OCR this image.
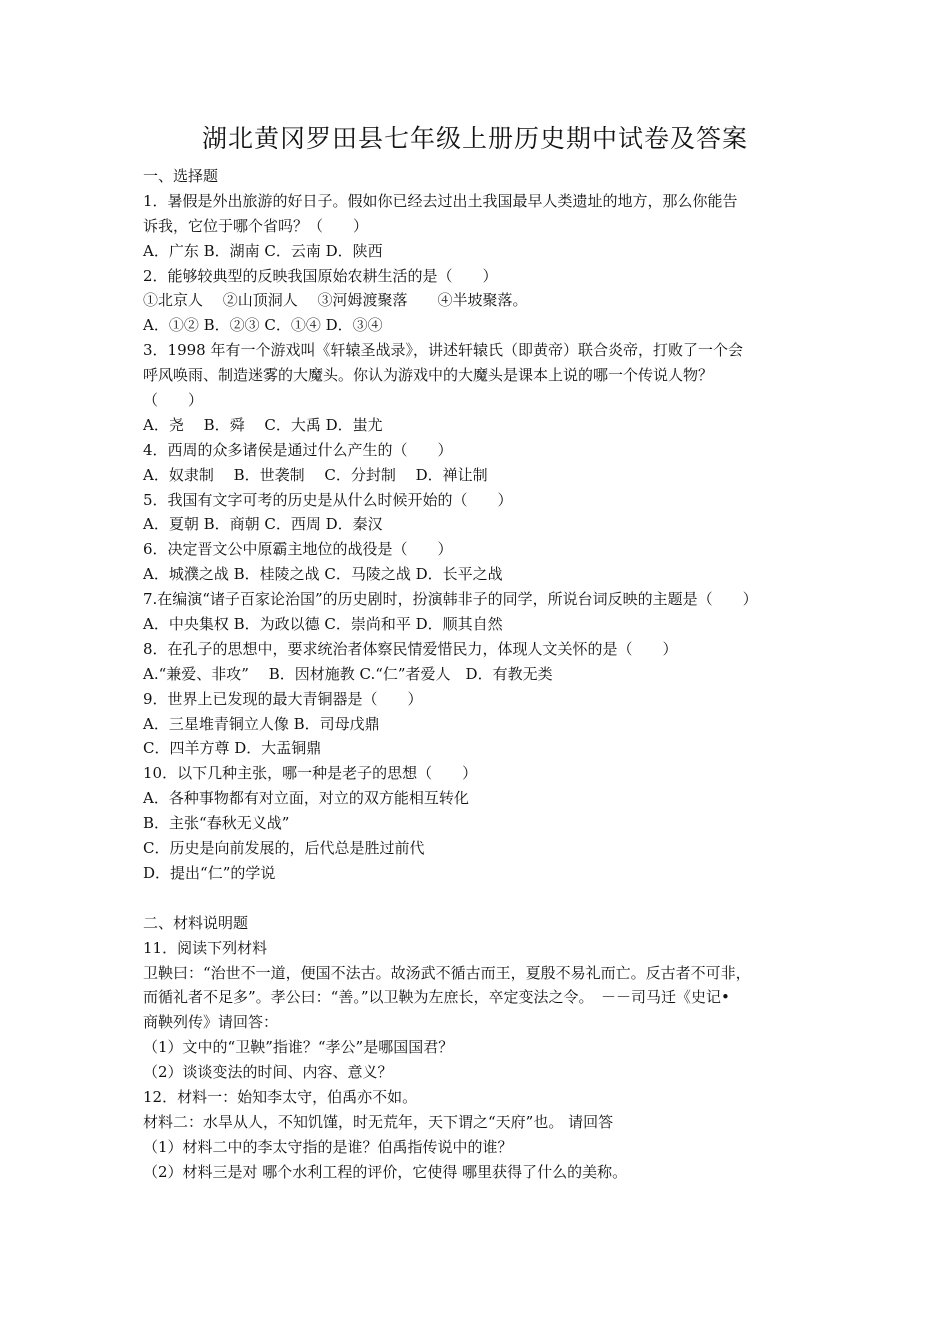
湖北黄冈罗田县七年级上册历史期中试卷及答案
一、选择题
1．暑假是外出旅游的好日子。假如你已经去过出土我国最早人类遗址的地方，那么你能告
诉我，它位于哪个省吗？（　　）
A．广东 B．湖南 C．云南 D．陕西
2．能够较典型的反映我国原始农耕生活的是（　　）
①北京人　 ②山顶洞人　 ③河姆渡聚落　　④半坡聚落。
A．①② B．②③ C．①④ D．③④
3．1998 年有一个游戏叫《轩辕圣战录》，讲述轩辕氏（即黄帝）联合炎帝，打败了一个会
呼风唤雨、制造迷雾的大魔头。你认为游戏中的大魔头是课本上说的哪一个传说人物？
（　　）
A．尧　 B．舜　 C．大禹 D．蚩尤
4．西周的众多诸侯是通过什么产生的（　　）
A．奴隶制　 B．世袭制　 C．分封制　 D．禅让制
5．我国有文字可考的历史是从什么时候开始的（　　）
A．夏朝 B．商朝 C．西周 D．秦汉
6．决定晋文公中原霸主地位的战役是（　　）
A．城濮之战 B．桂陵之战 C．马陵之战 D．长平之战
7.在编演“诸子百家论治国”的历史剧时，扮演韩非子的同学，所说台词反映的主题是（　　）
A．中央集权 B．为政以德 C．崇尚和平 D．顺其自然
8．在孔子的思想中，要求统治者体察民情爱惜民力，体现人文关怀的是（　　）
A.“兼爱、非攻”　 B．因材施教 C.“仁”者爱人　D．有教无类
9．世界上已发现的最大青铜器是（　　）
A．三星堆青铜立人像 B．司母戊鼎
C．四羊方尊 D．大盂铜鼎
10．以下几种主张，哪一种是老子的思想（　　）
A．各种事物都有对立面，对立的双方能相互转化
B．主张“春秋无义战”
C．历史是向前发展的，后代总是胜过前代
D．提出“仁”的学说
二、材料说明题
11．阅读下列材料
卫鞅曰：“治世不一道，便国不法古。故汤武不循古而王，夏殷不易礼而亡。反古者不可非，
而循礼者不足多”。孝公曰：“善。”以卫鞅为左庶长，卒定变法之令。　－－司马迁《史记•
商鞅列传》请回答：
（1）文中的“卫鞅”指谁？“孝公”是哪国国君？
（2）谈谈变法的时间、内容、意义？
12．材料一：始知李太守，伯禹亦不如。
材料二：水旱从人，不知饥馑，时无荒年，天下谓之“天府”也。 请回答
（1）材料二中的李太守指的是谁？伯禹指传说中的谁？
（2）材料三是对 哪个水利工程的评价，它使得 哪里获得了什么的美称。
